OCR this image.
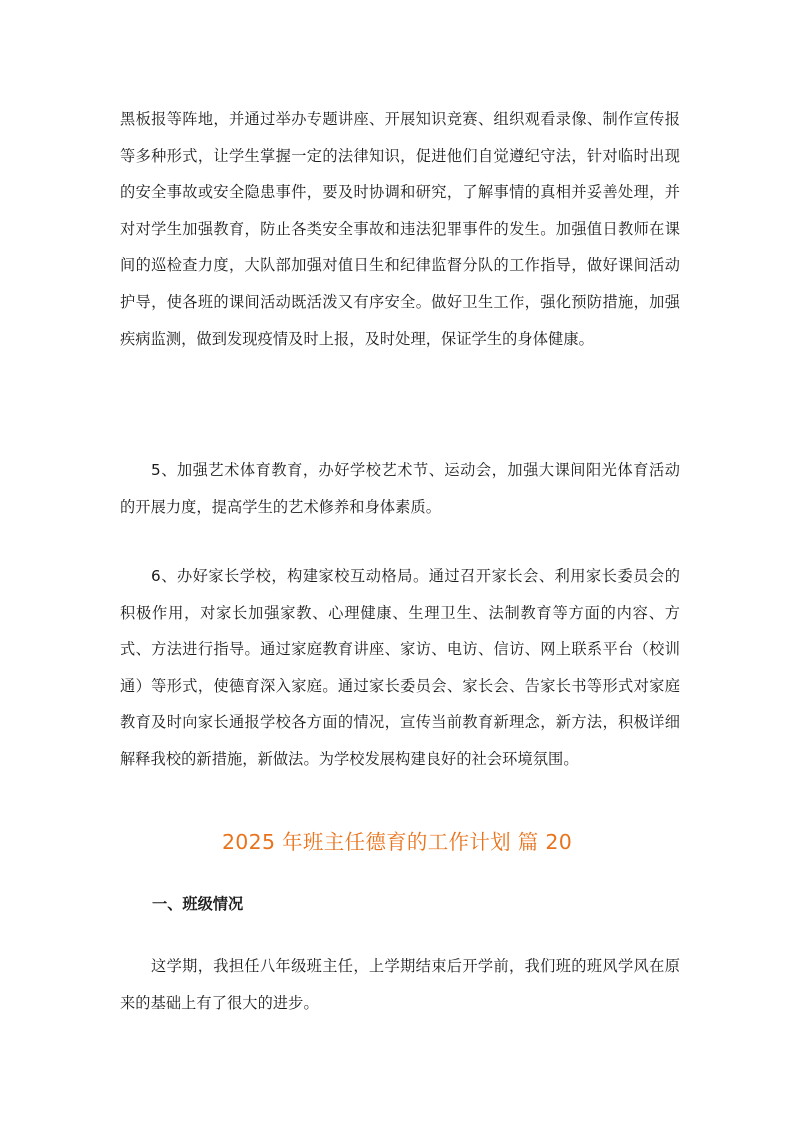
黑板报等阵地，并通过举办专题讲座、开展知识竞赛、组织观看录像、制作宣传报等多种形式，让学生掌握一定的法律知识，促进他们自觉遵纪守法，针对临时出现的安全事故或安全隐患事件，要及时协调和研究，了解事情的真相并妥善处理，并对对学生加强教育，防止各类安全事故和违法犯罪事件的发生。加强值日教师在课间的巡检查力度，大队部加强对值日生和纪律监督分队的工作指导，做好课间活动护导，使各班的课间活动既活泼又有序安全。做好卫生工作，强化预防措施，加强疾病监测，做到发现疫情及时上报，及时处理，保证学生的身体健康。

5、加强艺术体育教育，办好学校艺术节、运动会，加强大课间阳光体育活动的开展力度，提高学生的艺术修养和身体素质。

6、办好家长学校，构建家校互动格局。通过召开家长会、利用家长委员会的积极作用，对家长加强家教、心理健康、生理卫生、法制教育等方面的内容、方式、方法进行指导。通过家庭教育讲座、家访、电访、信访、网上联系平台（校训通）等形式，使德育深入家庭。通过家长委员会、家长会、告家长书等形式对家庭教育及时向家长通报学校各方面的情况，宣传当前教育新理念，新方法，积极详细解释我校的新措施，新做法。为学校发展构建良好的社会环境氛围。

2025 年班主任德育的工作计划 篇 20

一、班级情况

这学期，我担任八年级班主任，上学期结束后开学前，我们班的班风学风在原来的基础上有了很大的进步。
